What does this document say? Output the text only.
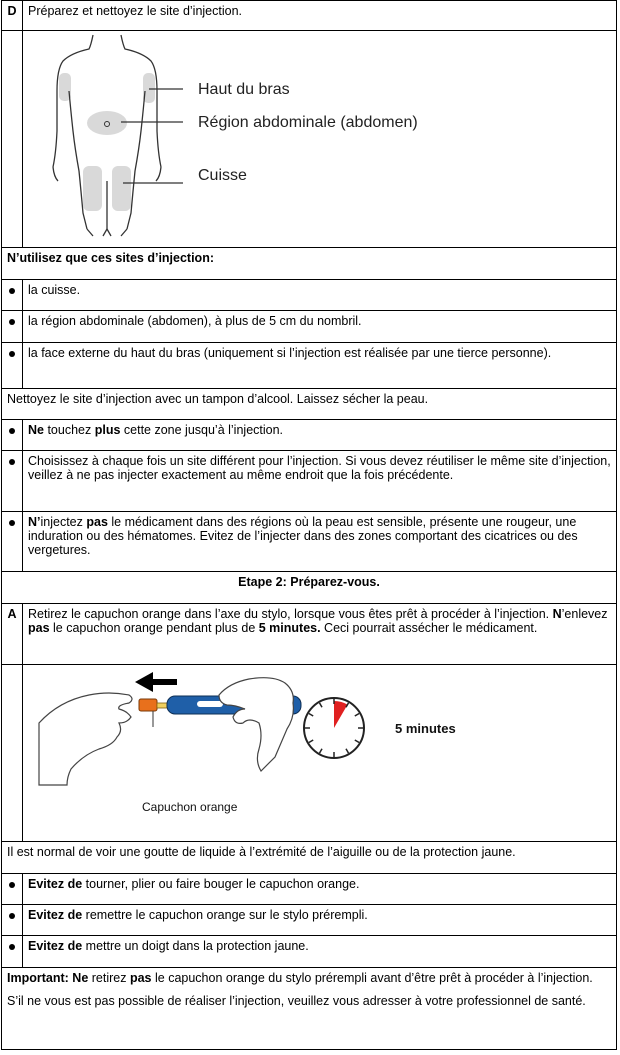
D	Préparez et nettoyez le site d’injection.

Haut du bras
Région abdominale (abdomen)
Cuisse

N’utilisez que ces sites d’injection:	
	la cuisse.
	la région abdominale (abdomen), à plus de 5 cm du nombril.
	la face externe du haut du bras (uniquement si l’injection est réalisée par une tierce personne).
Nettoyez le site d’injection avec un tampon d’alcool. Laissez sécher la peau.	
	Ne touchez plus cette zone jusqu’à l’injection.
	Choisissez à chaque fois un site différent pour l’injection. Si vous devez réutiliser le même site d’injection, veillez à ne pas injecter exactement au même endroit que la fois précédente.
	N’injectez pas le médicament dans des régions où la peau est sensible, présente une rougeur, une induration ou des hématomes. Evitez de l’injecter dans des zones comportant des cicatrices ou des vergetures.
Etape 2: Préparez-vous.	
A	Retirez le capuchon orange dans l’axe du stylo, lorsque vous êtes prêt à procéder à l’injection. N’enlevez pas le capuchon orange pendant plus de 5 minutes. Ceci pourrait assécher le médicament.

5 minutes
Capuchon orange

Il est normal de voir une goutte de liquide à l’extrémité de l’aiguille ou de la protection jaune.	
	Evitez de tourner, plier ou faire bouger le capuchon orange.
	Evitez de remettre le capuchon orange sur le stylo prérempli.
	Evitez de mettre un doigt dans la protection jaune.

Important: Ne retirez pas le capuchon orange du stylo prérempli avant d’être prêt à procéder à l’injection.
S’il ne vous est pas possible de réaliser l’injection, veuillez vous adresser à votre professionnel de santé.	
